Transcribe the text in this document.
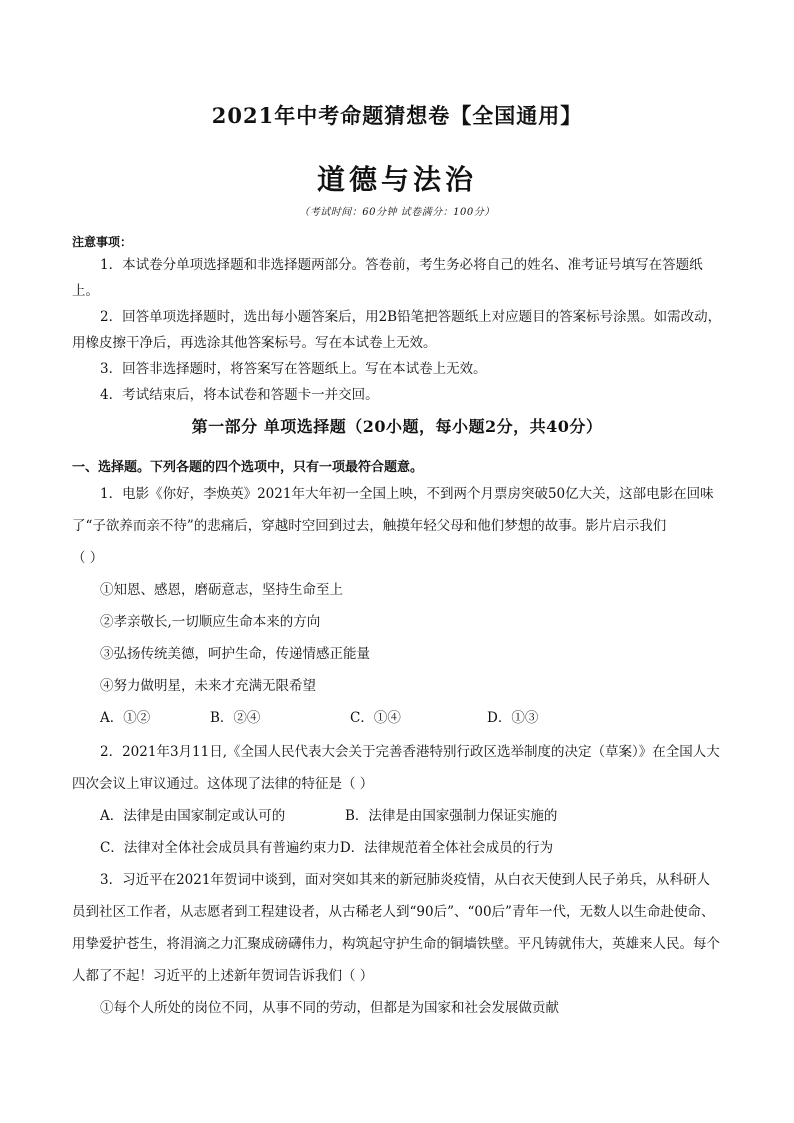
2021年中考命题猜想卷【全国通用】
道德与法治
（考试时间：60分钟 试卷满分：100分）
注意事项：

1．本试卷分单项选择题和非选择题两部分。答卷前，考生务必将自己的姓名、准考证号填写在答题纸上。

2．回答单项选择题时，选出每小题答案后，用2B铅笔把答题纸上对应题目的答案标号涂黑。如需改动，用橡皮擦干净后，再选涂其他答案标号。写在本试卷上无效。

3．回答非选择题时，将答案写在答题纸上。写在本试卷上无效。

4．考试结束后，将本试卷和答题卡一并交回。

第一部分 单项选择题（20小题，每小题2分，共40分）
一、选择题。下列各题的四个选项中，只有一项最符合题意。

1．电影《你好，李焕英》2021年大年初一全国上映，不到两个月票房突破50亿大关，这部电影在回味了“子欲养而亲不待”的悲痛后，穿越时空回到过去，触摸年轻父母和他们梦想的故事。影片启示我们

（ ）

①知恩、感恩，磨砺意志，坚持生命至上

②孝亲敬长,一切顺应生命本来的方向

③弘扬传统美德，呵护生命，传递情感正能量

④努力做明星，未来才充满无限希望

A．①②	B．②④	C．①④	D．①③

2．2021年3月11日,《全国人民代表大会关于完善香港特别行政区选举制度的决定（草案）》在全国人大四次会议上审议通过。这体现了法律的特征是（ ）

A．法律是由国家制定或认可的	B．法律是由国家强制力保证实施的
C．法律对全体社会成员具有普遍约束力 D．法律规范着全体社会成员的行为

3．习近平在2021年贺词中谈到，面对突如其来的新冠肺炎疫情，从白衣天使到人民子弟兵，从科研人员到社区工作者，从志愿者到工程建设者，从古稀老人到“90后”、“00后”青年一代，无数人以生命赴使命、用挚爱护苍生，将涓滴之力汇聚成磅礴伟力，构筑起守护生命的铜墙铁壁。平凡铸就伟大，英雄来人民。每个人都了不起！习近平的上述新年贺词告诉我们（ ）

①每个人所处的岗位不同，从事不同的劳动，但都是为国家和社会发展做贡献
